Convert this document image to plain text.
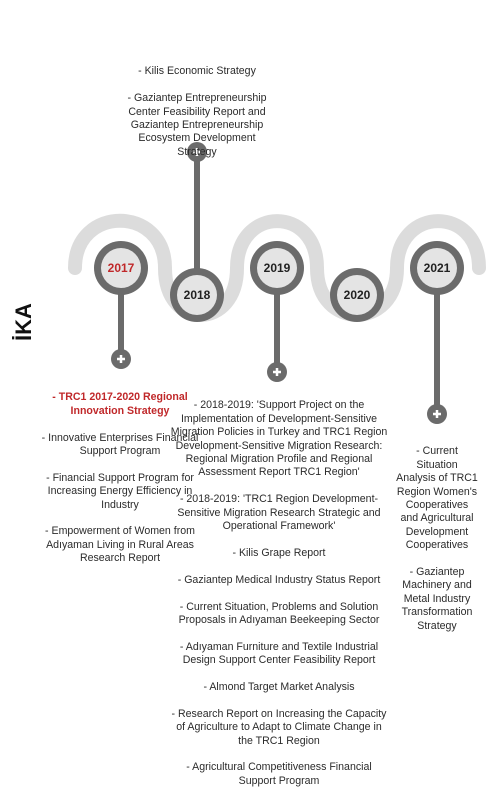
İKA
2017
2018
2019
2020
2021

- Kilis Economic Strategy

- Gaziantep Entrepreneurship Center Feasibility Report and Gaziantep Entrepreneurship Ecosystem Development Strategy

- TRC1 2017-2020 Regional Innovation Strategy

- Innovative Enterprises Financial Support Program

- Financial Support Program for Increasing Energy Efficiency in Industry

- Empowerment of Women from Adıyaman Living in Rural Areas Research Report

- 2018-2019: 'Support Project on the Implementation of Development-Sensitive Migration Policies in Turkey and TRC1 Region Development-Sensitive Migration Research: Regional Migration Profile and Regional Assessment Report TRC1 Region'

- 2018-2019: 'TRC1 Region Development-Sensitive Migration Research Strategic and Operational Framework'

- Kilis Grape Report

- Gaziantep Medical Industry Status Report

- Current Situation, Problems and Solution Proposals in Adıyaman Beekeeping Sector

- Adıyaman Furniture and Textile Industrial Design Support Center Feasibility Report

- Almond Target Market Analysis

- Research Report on Increasing the Capacity of Agriculture to Adapt to Climate Change in the TRC1 Region

- Agricultural Competitiveness Financial Support Program

- Current Situation Analysis of TRC1 Region Women's Cooperatives and Agricultural Development Cooperatives

- Gaziantep Machinery and Metal Industry Transformation Strategy
